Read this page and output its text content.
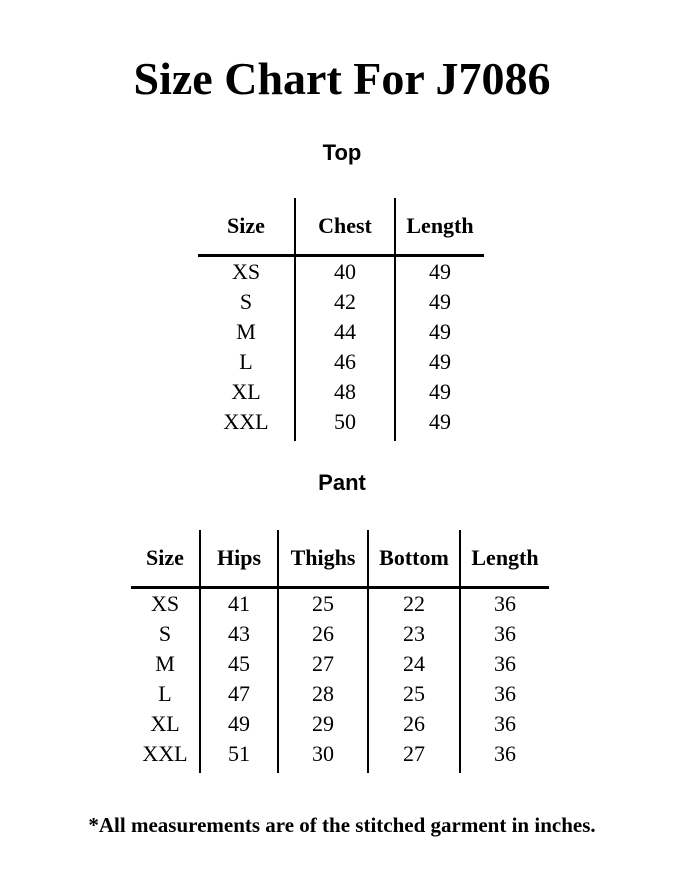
Size Chart For J7086
Top
Size	Chest	Length
XS	40	49
S	42	49
M	44	49
L	46	49
XL	48	49
XXL	50	49
Pant
Size	Hips	Thighs	Bottom	Length
XS	41	25	22	36
S	43	26	23	36
M	45	27	24	36
L	47	28	25	36
XL	49	29	26	36
XXL	51	30	27	36
*All measurements are of the stitched garment in inches.
